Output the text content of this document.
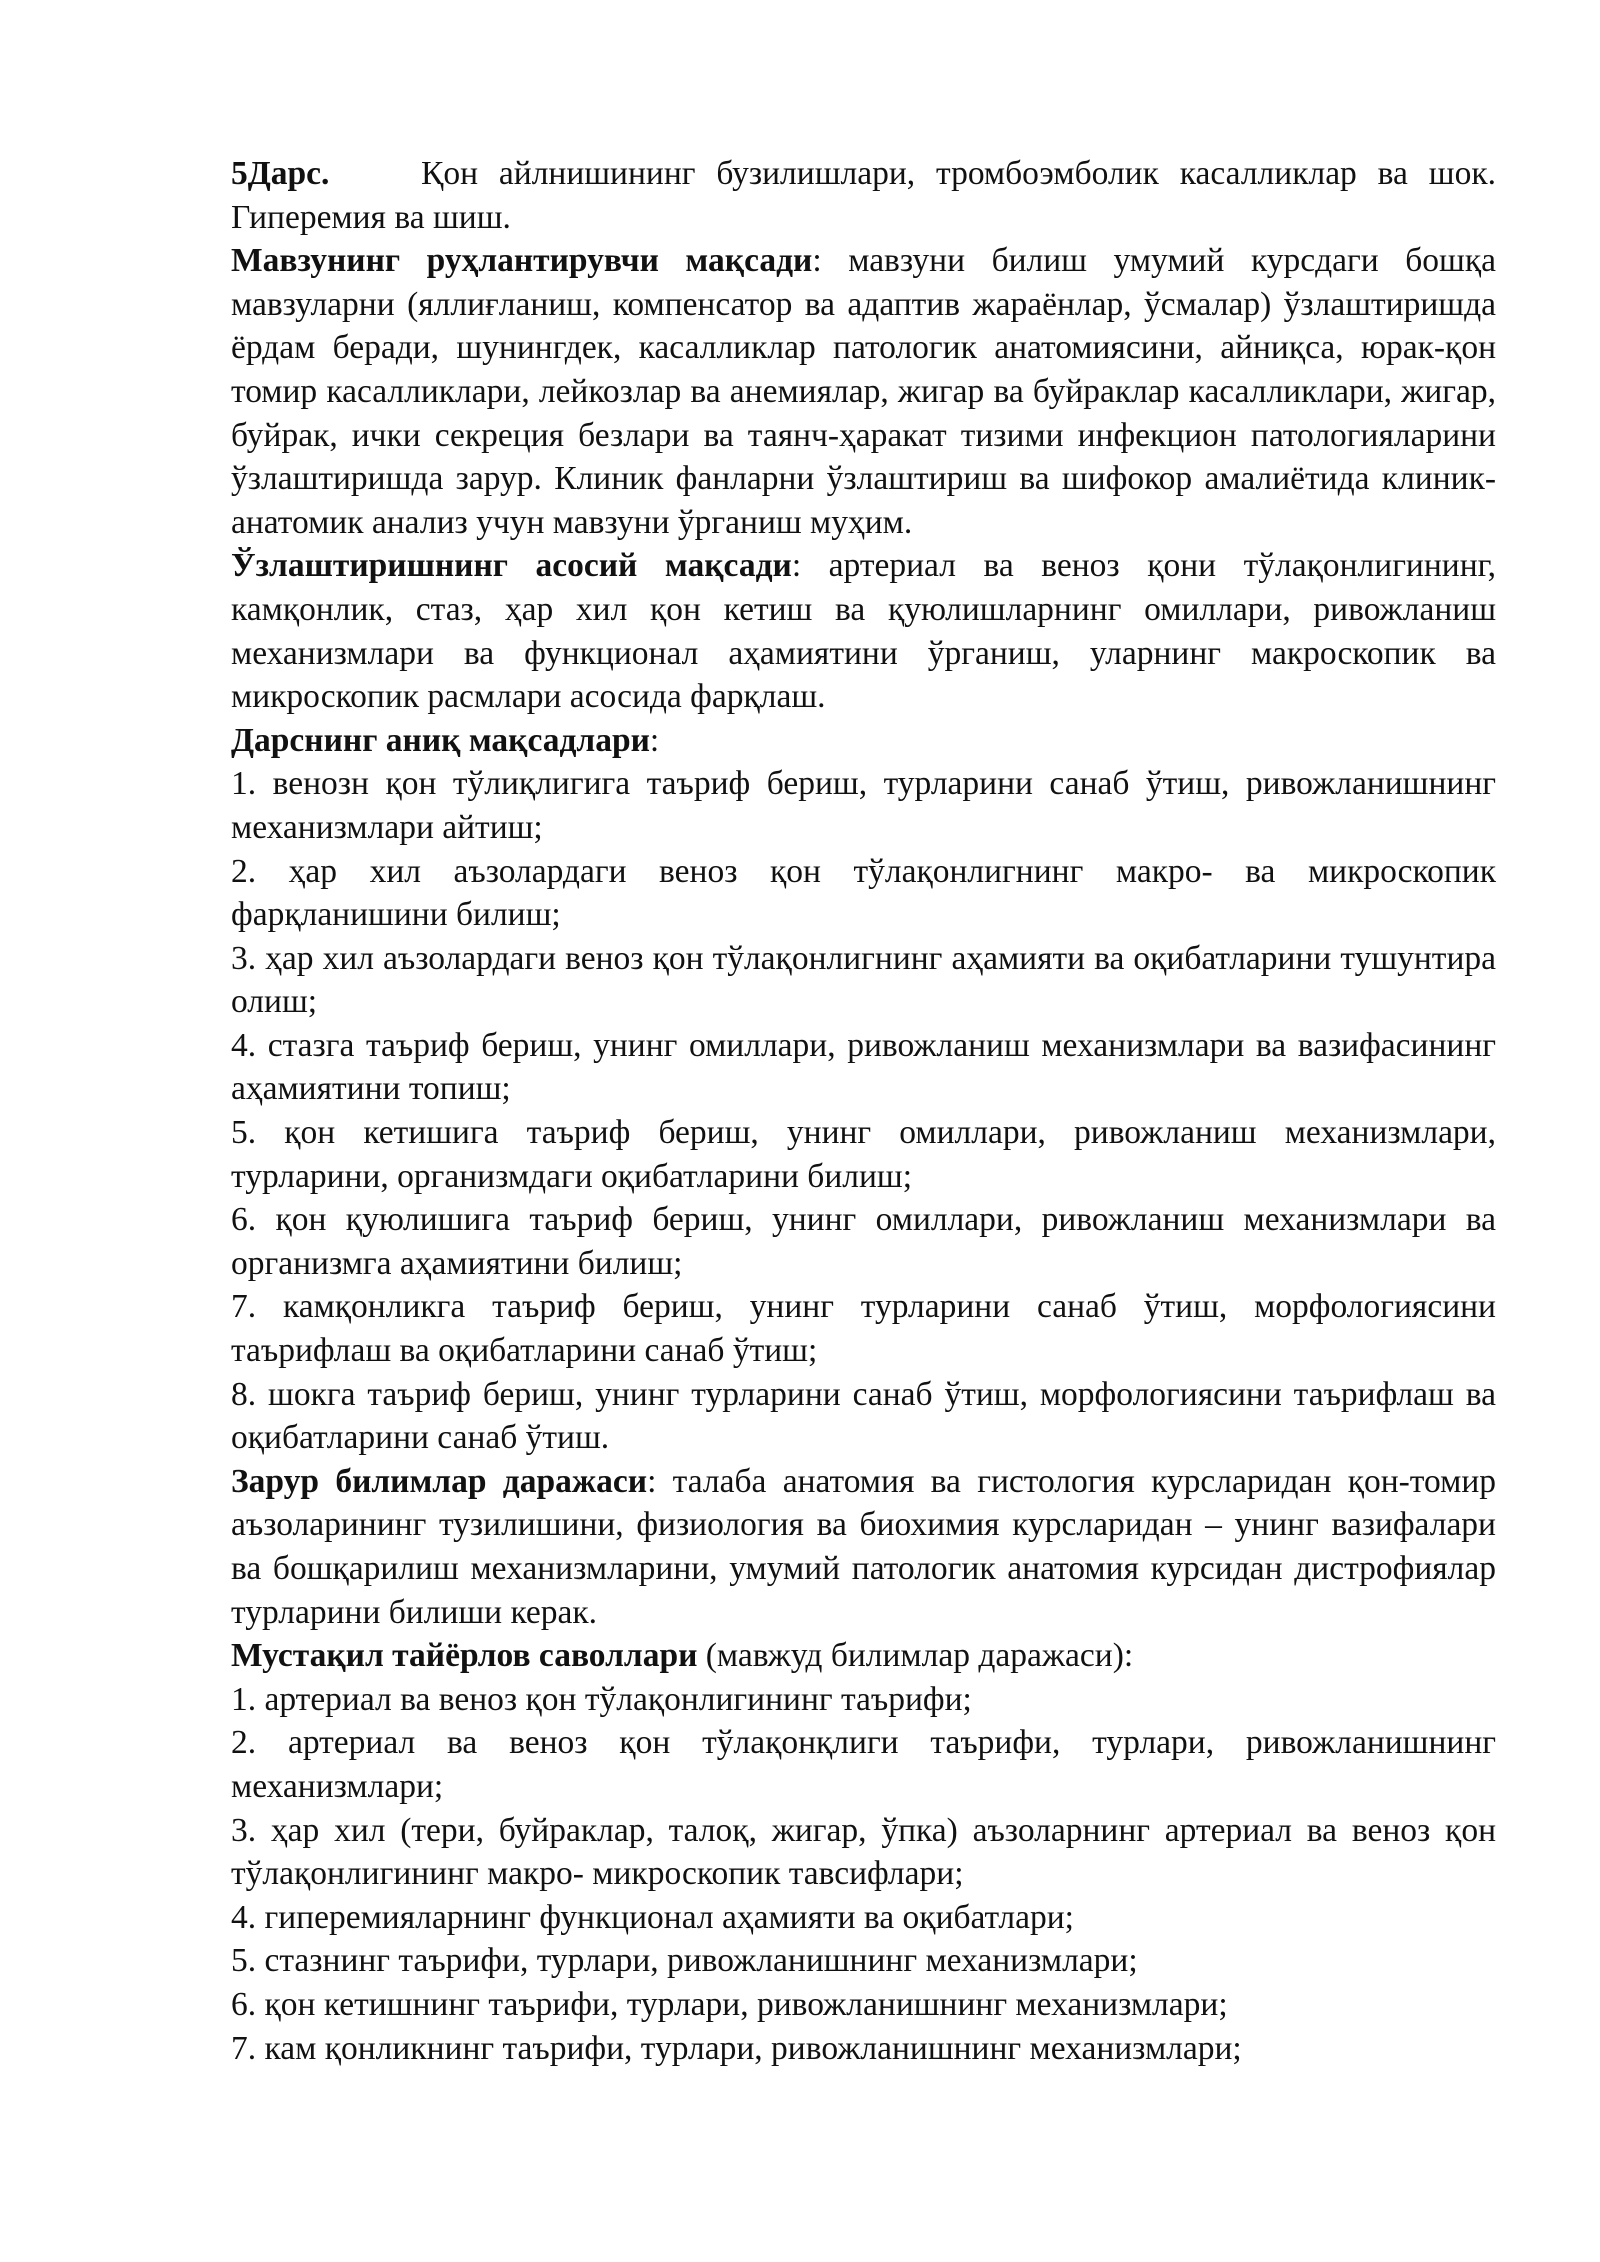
5Дарс.	Қон айлнишининг бузилишлари, тромбоэмболик касалликлар ва шок. Гиперемия ва шиш.

Мавзунинг руҳлантирувчи мақсади: мавзуни билиш умумий курсдаги бошқа мавзуларни (яллиғланиш, компенсатор ва адаптив жараёнлар, ўсмалар) ўзлаштиришда ёрдам беради, шунингдек, касалликлар патологик анатомиясини, айниқса, юрак-қон томир касалликлари, лейкозлар ва анемиялар, жигар ва буйраклар касалликлари, жигар, буйрак, ички секреция безлари ва таянч-ҳаракат тизими инфекцион патологияларини ўзлаштиришда зарур. Клиник фанларни ўзлаштириш ва шифокор амалиётида клиник-анатомик анализ учун мавзуни ўрганиш муҳим.

Ўзлаштиришнинг асосий мақсади: артериал ва веноз қони тўлақонлигининг, камқонлик, стаз, ҳар хил қон кетиш ва қуюлишларнинг омиллари, ривожланиш механизмлари ва функционал аҳамиятини ўрганиш, уларнинг макроскопик ва микроскопик расмлари асосида фарқлаш.

Дарснинг аниқ мақсадлари:

1. венозн қон тўлиқлигига таъриф бериш, турларини санаб ўтиш, ривожланишнинг механизмлари айтиш;

2. ҳар хил аъзолардаги веноз қон тўлақонлигнинг макро- ва микроскопик фарқланишини билиш;

3. ҳар хил аъзолардаги веноз қон тўлақонлигнинг аҳамияти ва оқибатларини тушунтира олиш;

4. стазга таъриф бериш, унинг омиллари, ривожланиш механизмлари ва вазифасининг аҳамиятини топиш;

5. қон кетишига таъриф бериш, унинг омиллари, ривожланиш механизмлари, турларини, организмдаги оқибатларини билиш;

6. қон қуюлишига таъриф бериш, унинг омиллари, ривожланиш механизмлари ва организмга аҳамиятини билиш;

7. камқонликга таъриф бериш, унинг турларини санаб ўтиш, морфологиясини таърифлаш ва оқибатларини санаб ўтиш;

8. шокга таъриф бериш, унинг турларини санаб ўтиш, морфологиясини таърифлаш ва оқибатларини санаб ўтиш.

Зарур билимлар даражаси: талаба анатомия ва гистология курсларидан қон-томир аъзоларининг тузилишини, физиология ва биохимия курсларидан – унинг вазифалари ва бошқарилиш механизмларини, умумий патологик анатомия курсидан дистрофиялар турларини билиши керак.

Мустақил тайёрлов саволлари (мавжуд билимлар даражаси):

1. артериал ва веноз қон тўлақонлигининг таърифи;

2. артериал ва веноз қон тўлақонқлиги таърифи, турлари, ривожланишнинг механизмлари;

3. ҳар хил (тери, буйраклар, талоқ, жигар, ўпка) аъзоларнинг артериал ва веноз қон тўлақонлигининг макро- микроскопик тавсифлари;

4. гиперемияларнинг функционал аҳамияти ва оқибатлари;

5. стазнинг таърифи, турлари, ривожланишнинг механизмлари;

6. қон кетишнинг таърифи, турлари, ривожланишнинг механизмлари;

7. кам қонликнинг таърифи, турлари, ривожланишнинг механизмлари;
